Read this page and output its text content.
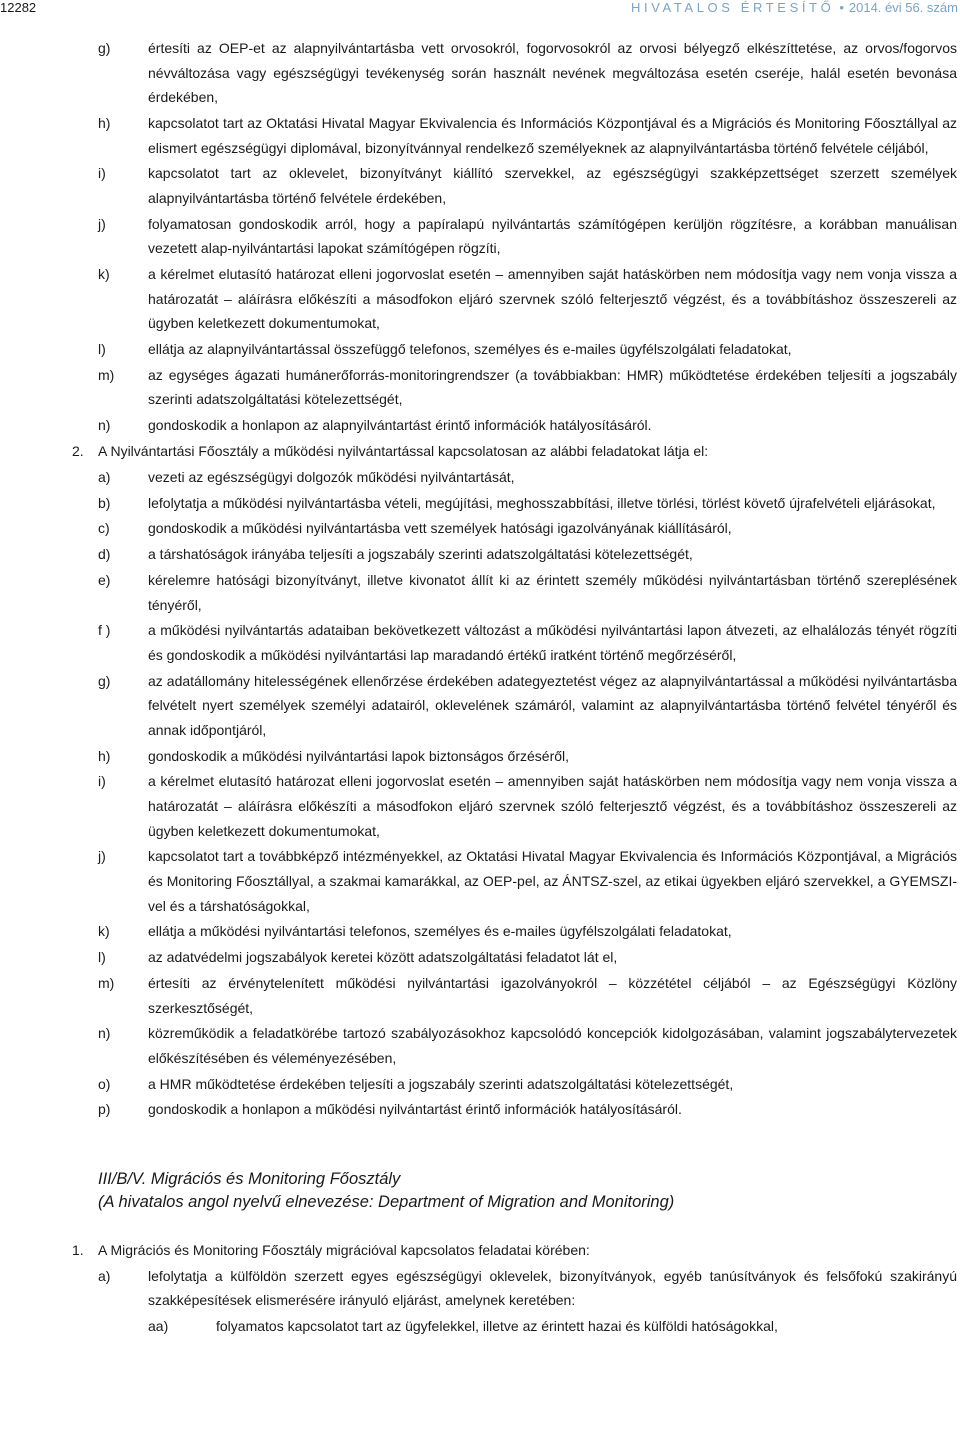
12282	HIVATALOS ÉRTESÍTŐ • 2014. évi 56. szám
g)	értesíti az OEP-et az alapnyilvántartásba vett orvosokról, fogorvosokról az orvosi bélyegző elkészíttetése, az orvos/fogorvos névváltozása vagy egészségügyi tevékenység során használt nevének megváltozása esetén cseréje, halál esetén bevonása érdekében,
h)	kapcsolatot tart az Oktatási Hivatal Magyar Ekvivalencia és Információs Központjával és a Migrációs és Monitoring Főosztállyal az elismert egészségügyi diplomával, bizonyítvánnyal rendelkező személyeknek az alapnyilvántartásba történő felvétele céljából,
i)	kapcsolatot tart az oklevelet, bizonyítványt kiállító szervekkel, az egészségügyi szakképzettséget szerzett személyek alapnyilvántartásba történő felvétele érdekében,
j)	folyamatosan gondoskodik arról, hogy a papíralapú nyilvántartás számítógépen kerüljön rögzítésre, a korábban manuálisan vezetett alap-nyilvántartási lapokat számítógépen rögzíti,
k)	a kérelmet elutasító határozat elleni jogorvoslat esetén – amennyiben saját hatáskörben nem módosítja vagy nem vonja vissza a határozatát – aláírásra előkészíti a másodfokon eljáró szervnek szóló felterjesztő végzést, és a továbbításhoz összeszereli az ügyben keletkezett dokumentumokat,
l)	ellátja az alapnyilvántartással összefüggő telefonos, személyes és e-mailes ügyfélszolgálati feladatokat,
m) az egységes ágazati humánerőforrás-monitoringrendszer (a továbbiakban: HMR) működtetése érdekében teljesíti a jogszabály szerinti adatszolgáltatási kötelezettségét,
n)	gondoskodik a honlapon az alapnyilvántartást érintő információk hatályosításáról.
2. A Nyilvántartási Főosztály a működési nyilvántartással kapcsolatosan az alábbi feladatokat látja el:
a)	vezeti az egészségügyi dolgozók működési nyilvántartását,
b)	lefolytatja a működési nyilvántartásba vételi, megújítási, meghosszabbítási, illetve törlési, törlést követő újrafelvételi eljárásokat,
c)	gondoskodik a működési nyilvántartásba vett személyek hatósági igazolványának kiállításáról,
d)	a társhatóságok irányába teljesíti a jogszabály szerinti adatszolgáltatási kötelezettségét,
e)	kérelemre hatósági bizonyítványt, illetve kivonatot állít ki az érintett személy működési nyilvántartásban történő szereplésének tényéről,
f )	a működési nyilvántartás adataiban bekövetkezett változást a működési nyilvántartási lapon átvezeti, az elhalálozás tényét rögzíti és gondoskodik a működési nyilvántartási lap maradandó értékű iratként történő megőrzéséről,
g)	az adatállomány hitelességének ellenőrzése érdekében adategyeztetést végez az alapnyilvántartással a működési nyilvántartásba felvételt nyert személyek személyi adatairól, oklevelének számáról, valamint az alapnyilvántartásba történő felvétel tényéről és annak időpontjáról,
h)	gondoskodik a működési nyilvántartási lapok biztonságos őrzéséről,
i)	a kérelmet elutasító határozat elleni jogorvoslat esetén – amennyiben saját hatáskörben nem módosítja vagy nem vonja vissza a határozatát – aláírásra előkészíti a másodfokon eljáró szervnek szóló felterjesztő végzést, és a továbbításhoz összeszereli az ügyben keletkezett dokumentumokat,
j)	kapcsolatot tart a továbbképző intézményekkel, az Oktatási Hivatal Magyar Ekvivalencia és Információs Központjával, a Migrációs és Monitoring Főosztállyal, a szakmai kamarákkal, az OEP-pel, az ÁNTSZ-szel, az etikai ügyekben eljáró szervekkel, a GYEMSZI-vel és a társhatóságokkal,
k)	ellátja a működési nyilvántartási telefonos, személyes és e-mailes ügyfélszolgálati feladatokat,
l)	az adatvédelmi jogszabályok keretei között adatszolgáltatási feladatot lát el,
m) értesíti az érvénytelenített működési nyilvántartási igazolványokról – közzététel céljából – az Egészségügyi Közlöny szerkesztőségét,
n)	közreműködik a feladatkörébe tartozó szabályozásokhoz kapcsolódó koncepciók kidolgozásában, valamint jogszabálytervezetek előkészítésében és véleményezésében,
o)	a HMR működtetése érdekében teljesíti a jogszabály szerinti adatszolgáltatási kötelezettségét,
p)	gondoskodik a honlapon a működési nyilvántartást érintő információk hatályosításáról.
III/B/V. Migrációs és Monitoring Főosztály
(A hivatalos angol nyelvű elnevezése: Department of Migration and Monitoring)
1. A Migrációs és Monitoring Főosztály migrációval kapcsolatos feladatai körében:
a)	lefolytatja a külföldön szerzett egyes egészségügyi oklevelek, bizonyítványok, egyéb tanúsítványok és felsőfokú szakirányú szakképesítések elismerésére irányuló eljárást, amelynek keretében:
aa)	folyamatos kapcsolatot tart az ügyfelekkel, illetve az érintett hazai és külföldi hatóságokkal,
